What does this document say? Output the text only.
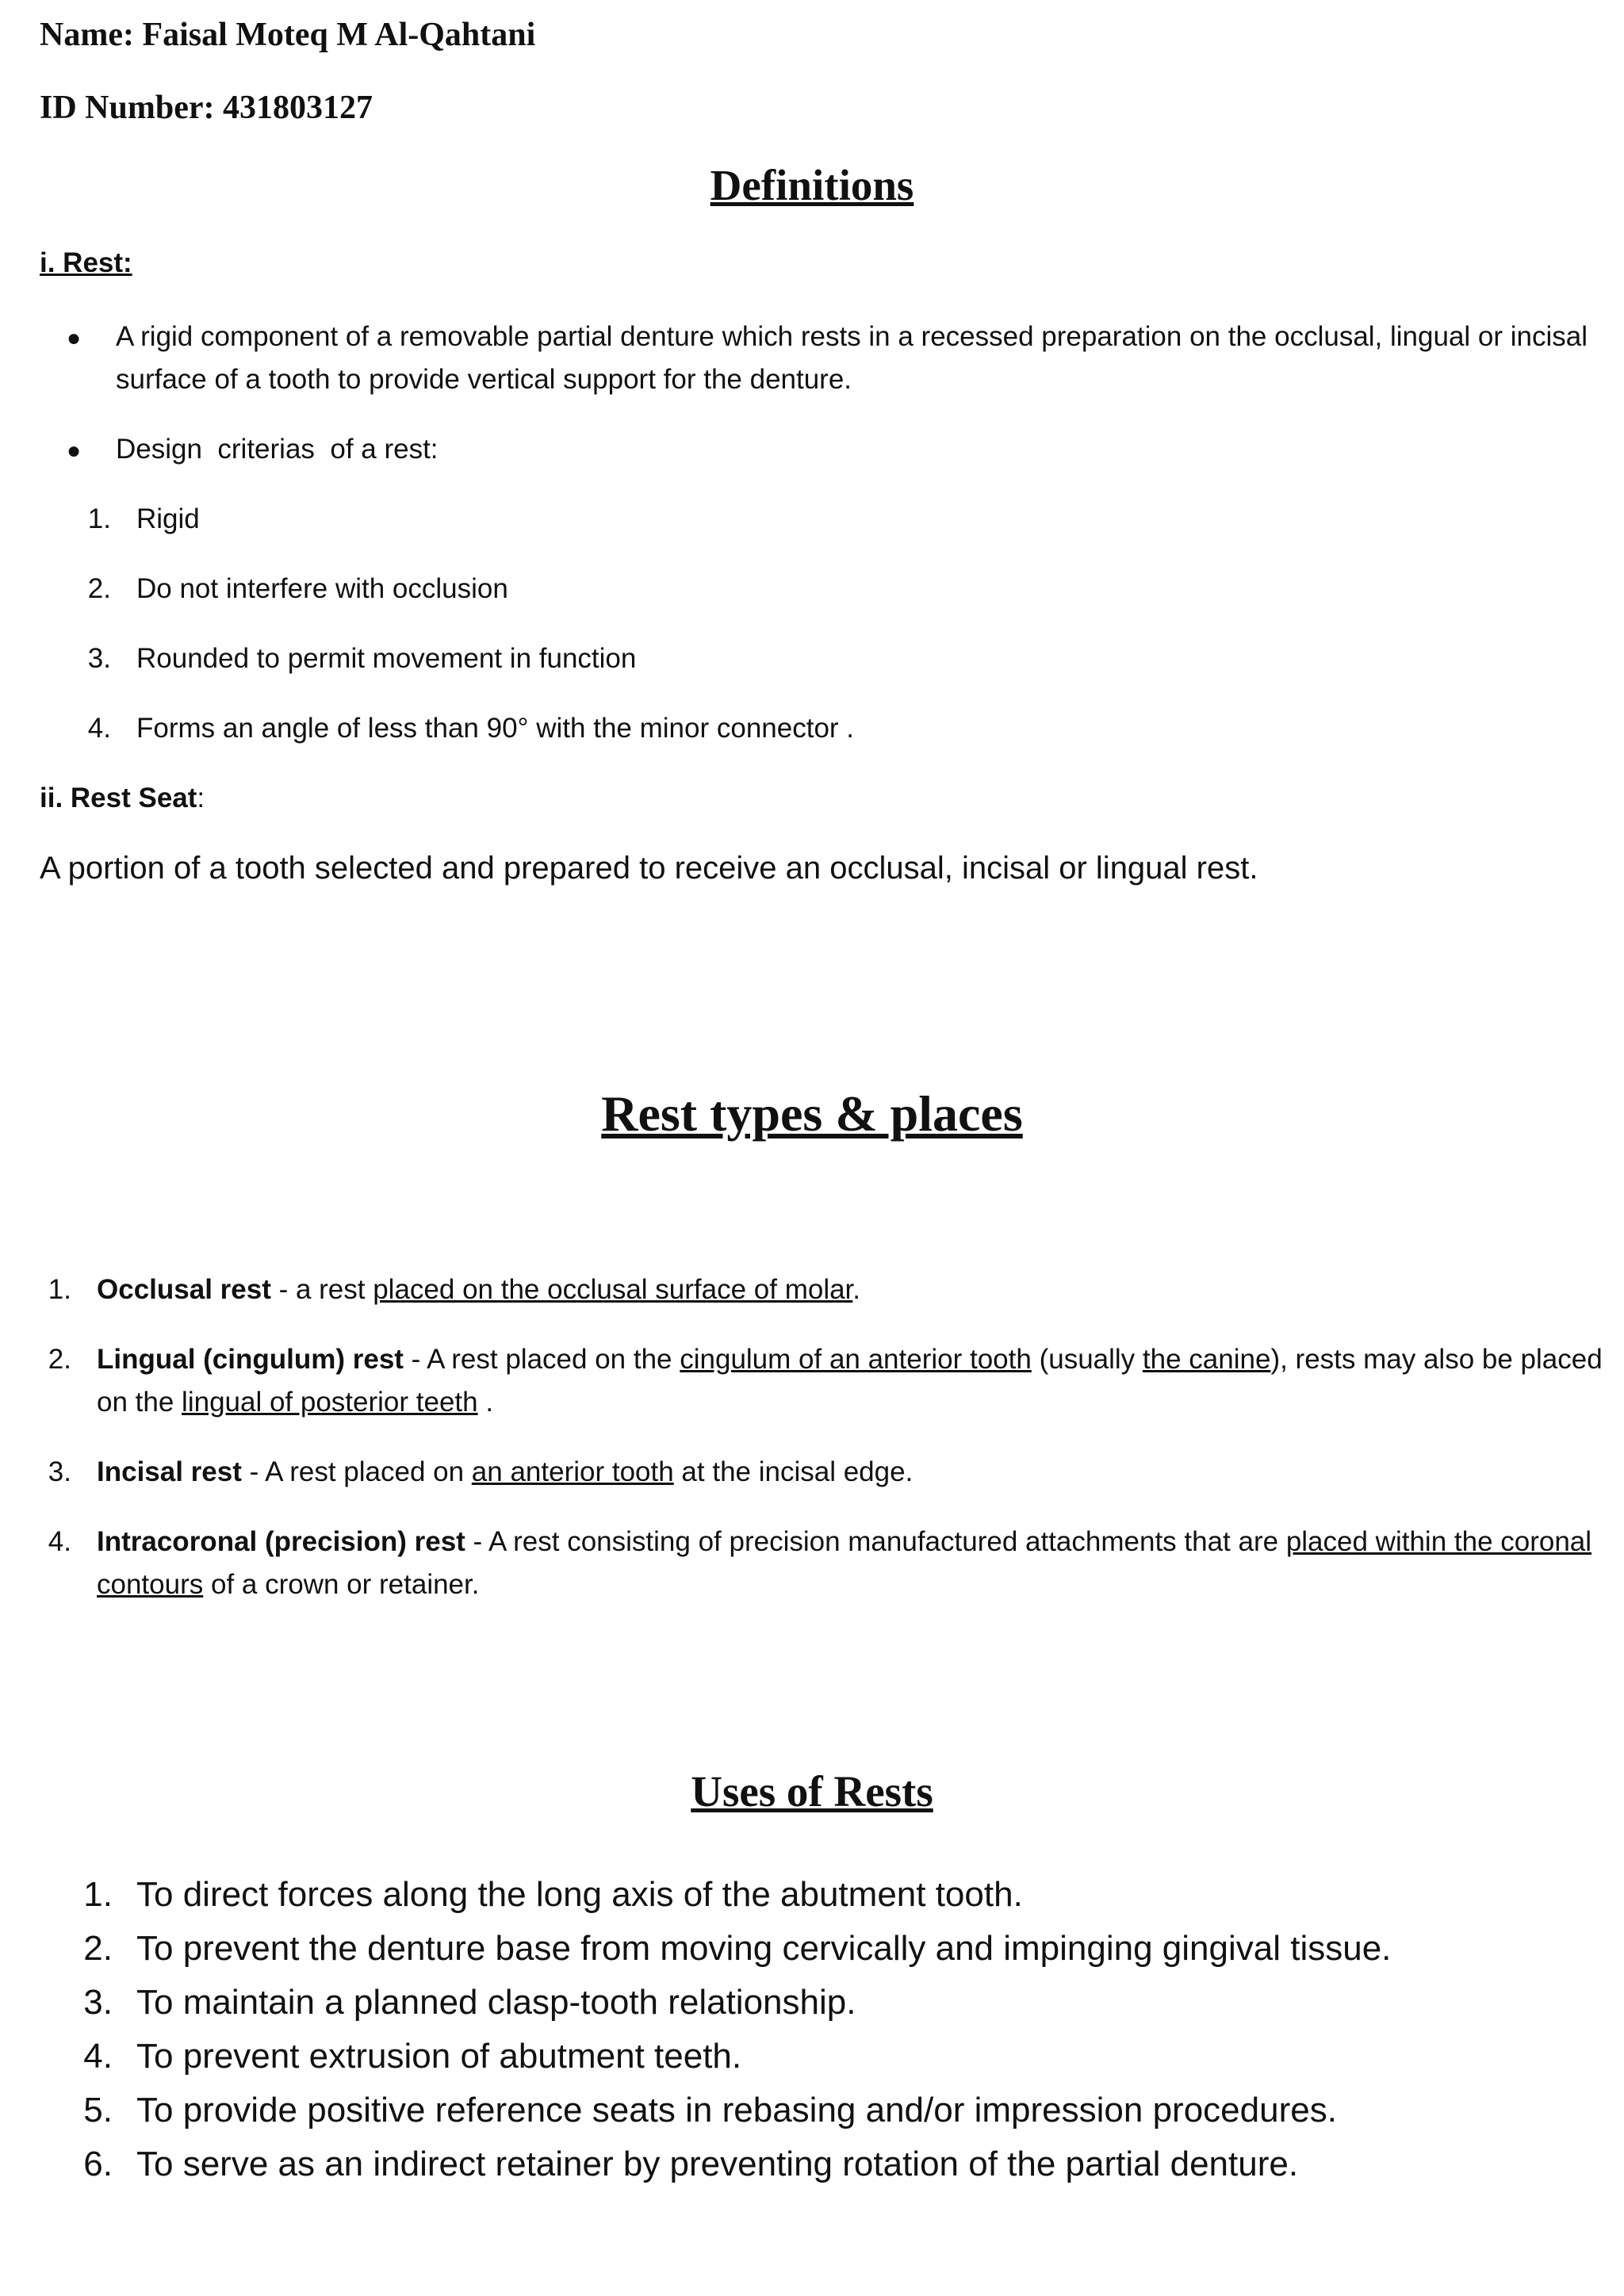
Name: Faisal Moteq M Al-Qahtani
ID Number: 431803127
Definitions
i. Rest:
● A rigid component of a removable partial denture which rests in a recessed preparation on the occlusal, lingual or incisal surface of a tooth to provide vertical support for the denture.
● Design  criterias  of a rest:
1. Rigid
2. Do not interfere with occlusion
3. Rounded to permit movement in function
4. Forms an angle of less than 90° with the minor connector .
ii. Rest Seat:
A portion of a tooth selected and prepared to receive an occlusal, incisal or lingual rest.
Rest types & places
1. Occlusal rest - a rest placed on the occlusal surface of molar.
2. Lingual (cingulum) rest - A rest placed on the cingulum of an anterior tooth (usually the canine), rests may also be placed on the lingual of posterior teeth .
3. Incisal rest - A rest placed on an anterior tooth at the incisal edge.
4. Intracoronal (precision) rest - A rest consisting of precision manufactured attachments that are placed within the coronal contours of a crown or retainer.
Uses of Rests
1. To direct forces along the long axis of the abutment tooth.
2. To prevent the denture base from moving cervically and impinging gingival tissue.
3. To maintain a planned clasp-tooth relationship.
4. To prevent extrusion of abutment teeth.
5. To provide positive reference seats in rebasing and/or impression procedures.
6. To serve as an indirect retainer by preventing rotation of the partial denture.
